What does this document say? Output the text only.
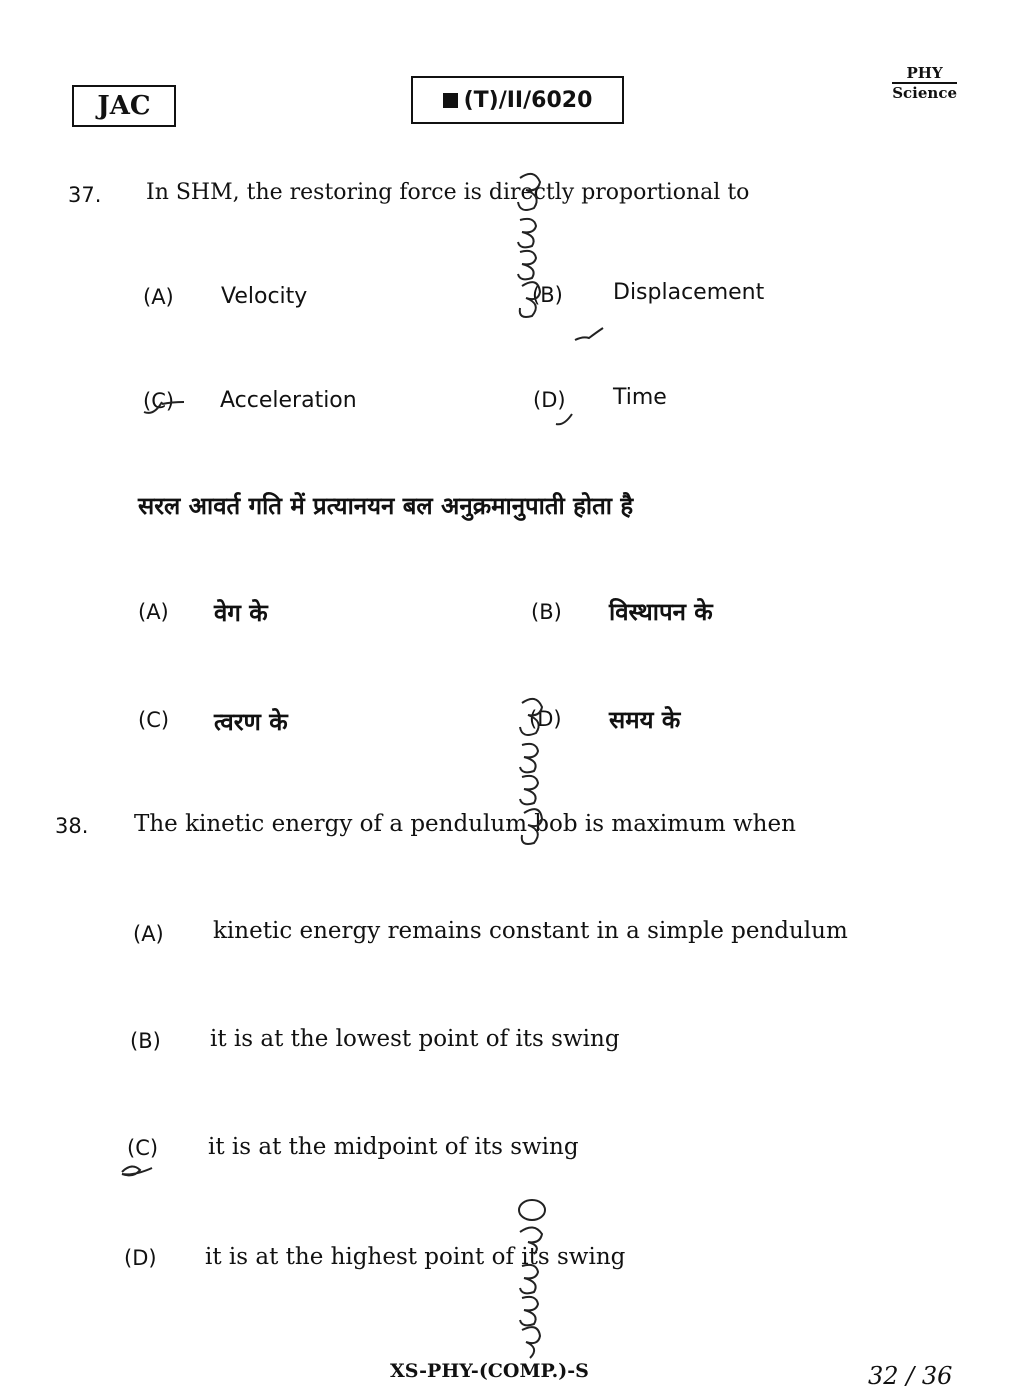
JAC	(T)/II/6020
PHY
Science
37. In SHM, the restoring force is directly proportional to
(A) Velocity	(B) Displacement
(C) Acceleration	(D) Time
सरल आवर्त गति में प्रत्यानयन बल अनुक्रमानुपाती होता है
(A) वेग के	(B) विस्थापन के
(C) त्वरण के	(D) समय के
38. The kinetic energy of a pendulum bob is maximum when
(A) kinetic energy remains constant in a simple pendulum
(B) it is at the lowest point of its swing
(C) it is at the midpoint of its swing
(D) it is at the highest point of its swing
XS-PHY-(COMP.)-S	32 / 36
